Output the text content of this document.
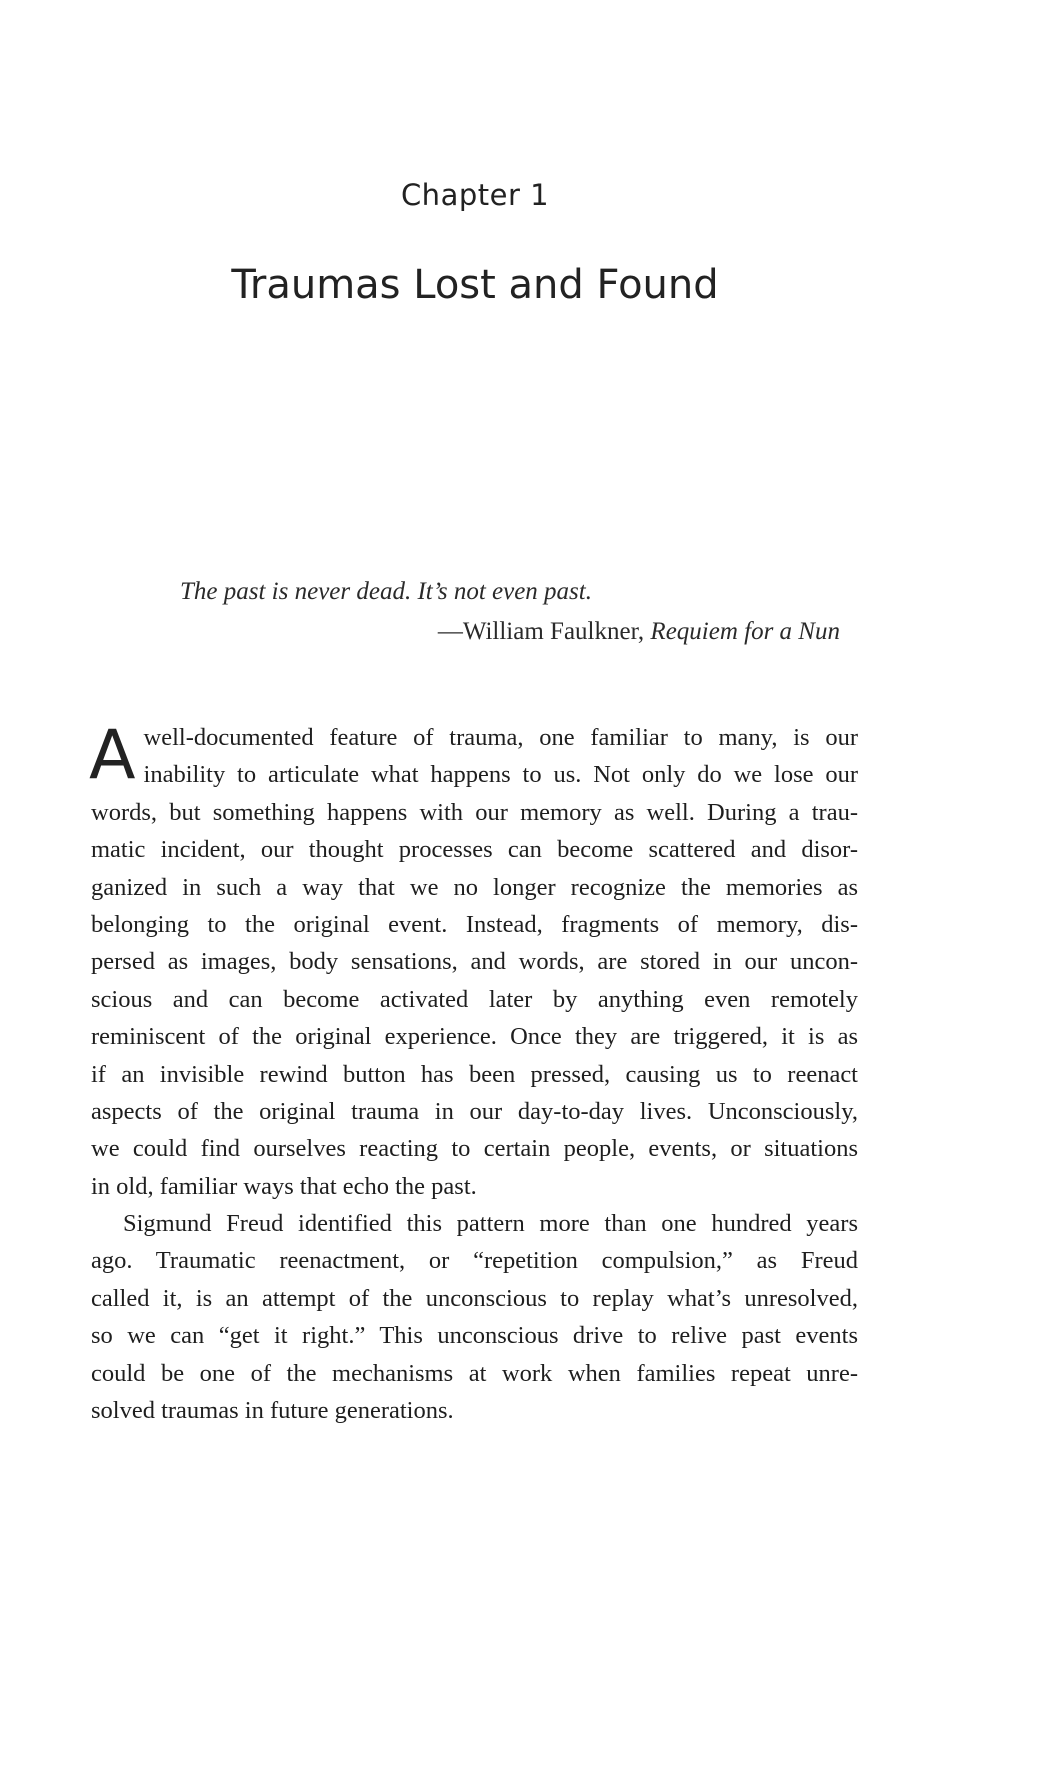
Chapter 1
Traumas Lost and Found

The past is never dead. It’s not even past.

—William Faulkner, Requiem for a Nun

A well-documented feature of trauma, one familiar to many, is our
inability to articulate what happens to us. Not only do we lose our
words, but something happens with our memory as well. During a trau-
matic incident, our thought processes can become scattered and disor-
ganized in such a way that we no longer recognize the memories as
belonging to the original event. Instead, fragments of memory, dis-
persed as images, body sensations, and words, are stored in our uncon-
scious and can become activated later by anything even remotely
reminiscent of the original experience. Once they are triggered, it is as
if an invisible rewind button has been pressed, causing us to reenact
aspects of the original trauma in our day-to-day lives. Unconsciously,
we could find ourselves reacting to certain people, events, or situations
in old, familiar ways that echo the past.
Sigmund Freud identified this pattern more than one hundred years
ago. Traumatic reenactment, or “repetition compulsion,” as Freud
called it, is an attempt of the unconscious to replay what’s unresolved,
so we can “get it right.” This unconscious drive to relive past events
could be one of the mechanisms at work when families repeat unre-
solved traumas in future generations.
